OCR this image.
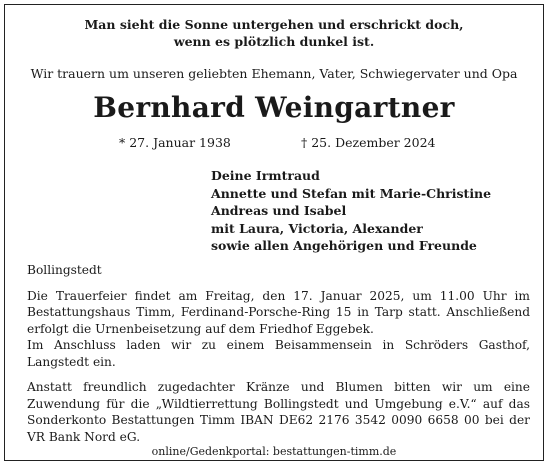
Man sieht die Sonne untergehen und erschrickt doch,
wenn es plötzlich dunkel ist.
Wir trauern um unseren geliebten Ehemann, Vater, Schwiegervater und Opa
Bernhard Weingartner
* 27. Januar 1938	† 25. Dezember 2024
Deine Irmtraud
Annette und Stefan mit Marie-Christine
Andreas und Isabel
mit Laura, Victoria, Alexander
sowie allen Angehörigen und Freunde

Bollingstedt

Die Trauerfeier findet am Freitag, den 17. Januar 2025, um 11.00 Uhr im Bestattungshaus Timm, Ferdinand-Porsche-Ring 15 in Tarp statt. Anschließend erfolgt die Urnenbeisetzung auf dem Friedhof Eggebek.

Im Anschluss laden wir zu einem Beisammensein in Schröders Gasthof, Langstedt ein.

Anstatt freundlich zugedachter Kränze und Blumen bitten wir um eine Zuwendung für die „Wildtierrettung Bollingstedt und Umgebung e.V.“ auf das Sonderkonto Bestattungen Timm IBAN DE62 2176 3542 0090 6658 00 bei der VR Bank Nord eG.

online/Gedenkportal: bestattungen-timm.de
